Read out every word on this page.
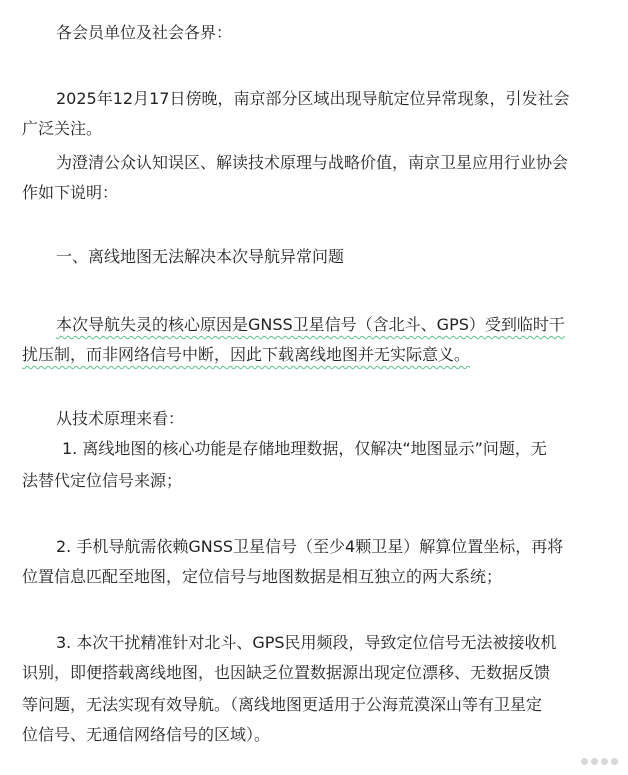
各会员单位及社会各界：
2025年12月17日傍晚，南京部分区域出现导航定位异常现象，引发社会
广泛关注。
为澄清公众认知误区、解读技术原理与战略价值，南京卫星应用行业协会
作如下说明：
一、离线地图无法解决本次导航异常问题
本次导航失灵的核心原因是GNSS卫星信号（含北斗、GPS）受到临时干
扰压制，而非网络信号中断，因此下载离线地图并无实际意义。
从技术原理来看：
1. 离线地图的核心功能是存储地理数据，仅解决“地图显示”问题，无
法替代定位信号来源；
2. 手机导航需依赖GNSS卫星信号（至少4颗卫星）解算位置坐标，再将
位置信息匹配至地图，定位信号与地图数据是相互独立的两大系统；
3. 本次干扰精准针对北斗、GPS民用频段，导致定位信号无法被接收机
识别，即便搭载离线地图，也因缺乏位置数据源出现定位漂移、无数据反馈
等问题，无法实现有效导航。（离线地图更适用于公海荒漠深山等有卫星定
位信号、无通信网络信号的区域）。
